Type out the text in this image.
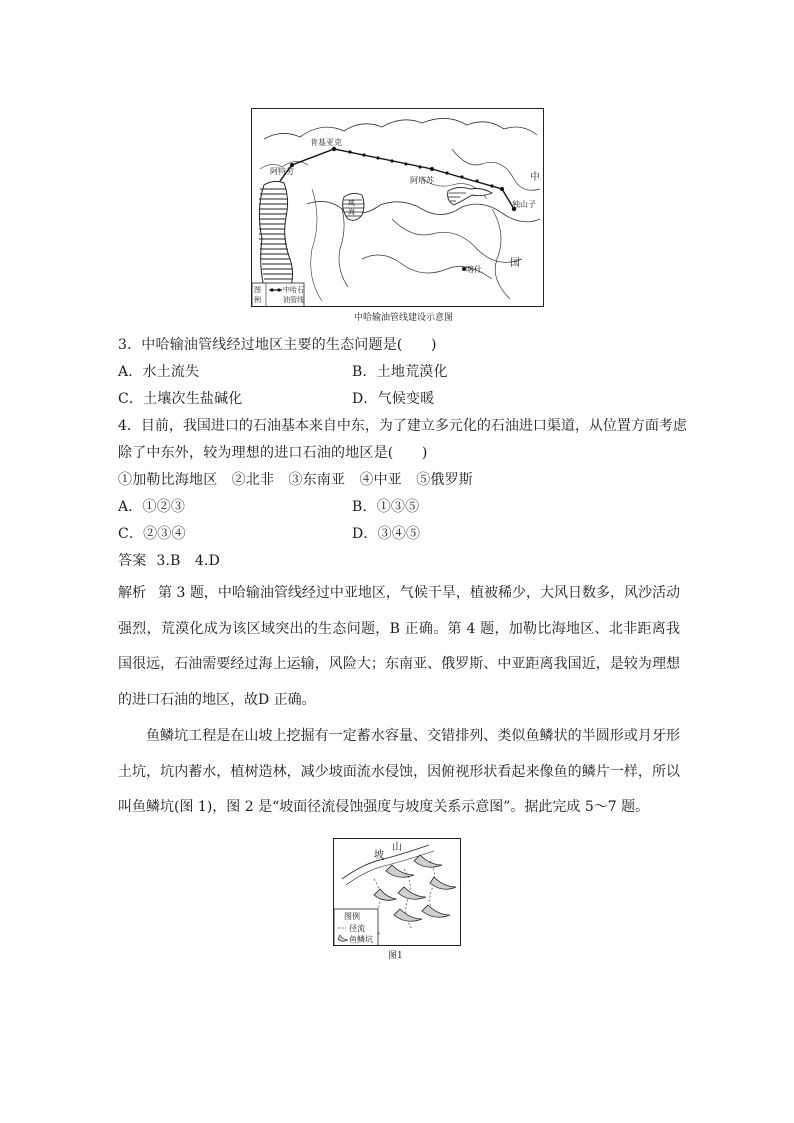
肯基亚克
阿特劳
阿塔苏
独山子
喀什
中
国
咸
海
图
例
中哈石
油管线
中哈输油管线建设示意图
3．中哈输油管线经过地区主要的生态问题是(　　)
A．水土流失	B．土地荒漠化
C．土壤次生盐碱化	D．气候变暖
4．目前，我国进口的石油基本来自中东，为了建立多元化的石油进口渠道，从位置方面考虑
除了中东外，较为理想的进口石油的地区是(　　)
①加勒比海地区　②北非　③东南亚　④中亚　⑤俄罗斯
A．①②③	B．①③⑤
C．②③④	D．③④⑤
答案 3.B　4.D

解析 第 3 题，中哈输油管线经过中亚地区，气候干旱，植被稀少，大风日数多，风沙活动强烈，荒漠化成为该区域突出的生态问题，B 正确。第 4 题，加勒比海地区、北非距离我国很远，石油需要经过海上运输，风险大；东南亚、俄罗斯、中亚距离我国近，是较为理想的进口石油的地区，故D 正确。

鱼鳞坑工程是在山坡上挖掘有一定蓄水容量、交错排列、类似鱼鳞状的半圆形或月牙形土坑，坑内蓄水，植树造林，减少坡面流水侵蚀，因俯视形状看起来像鱼的鳞片一样，所以叫鱼鳞坑(图 1)，图 2 是“坡面径流侵蚀强度与坡度关系示意图”。据此完成 5～7 题。

坡
山
图例
径流
鱼鳞坑
图1
